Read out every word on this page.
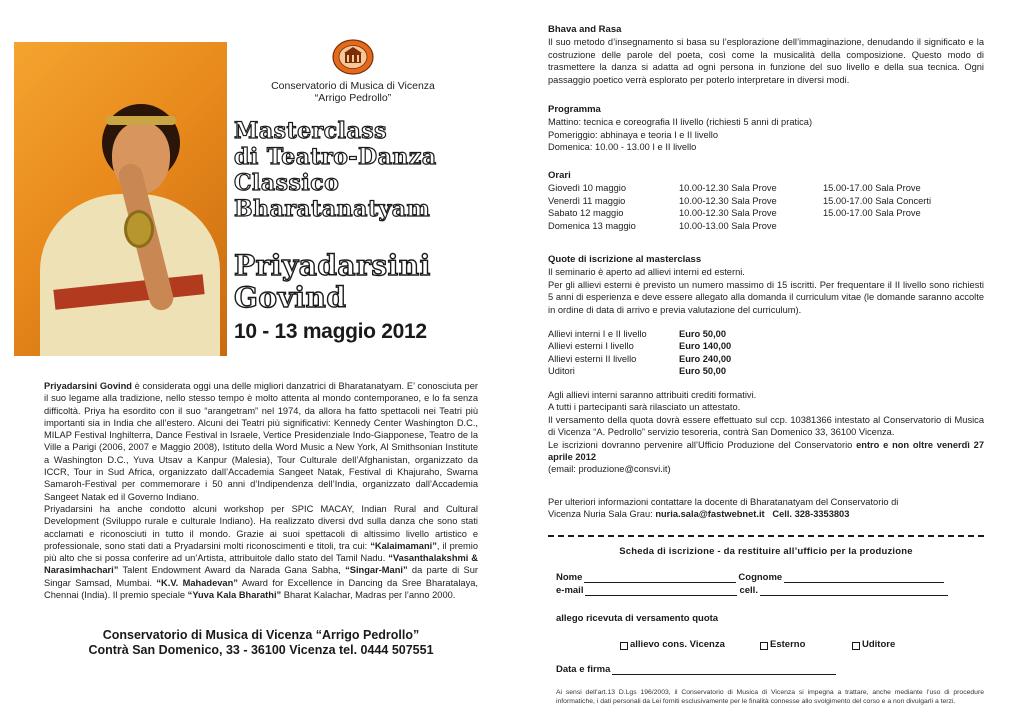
Conservatorio di Musica di Vicenza
“Arrigo Pedrollo”
Masterclass
di Teatro-Danza
Classico
Bharatanatyam
Priyadarsini
Govind
10 - 13 maggio 2012

Priyadarsini Govind è considerata oggi una delle migliori danzatrici di Bharatanatyam. E’ conosciuta per il suo legame alla tradizione, nello stesso tempo è molto attenta al mondo contemporaneo, e lo fa senza difficoltà. Priya ha esordito con il suo “arangetram” nel 1974, da allora ha fatto spettacoli nei Teatri più importanti sia in India che all’estero. Alcuni dei Teatri più significativi: Kennedy Center Washington D.C., MILAP Festival Inghilterra, Dance Festival in Israele, Vertice Presidenziale Indo-Giapponese, Teatro de la Ville a Parigi (2006, 2007 e Maggio 2008), Istituto della Word Music a New York, Al Smithsonian Institute a Washington D.C., Yuva Utsav a Kanpur (Malesia), Tour Culturale dell’Afghanistan, organizzato da ICCR, Tour in Sud Africa, organizzato dall’Accademia Sangeet Natak, Festival di Khajuraho, Swarna Samaroh-Festival per commemorare i 50 anni d’Indipendenza dell’India, organizzato dall’Accademia Sangeet Natak ed il Governo Indiano.

Priyadarsini ha anche condotto alcuni workshop per SPIC MACAY, Indian Rural and Cultural Development (Sviluppo rurale e culturale Indiano). Ha realizzato diversi dvd sulla danza che sono stati acclamati e riconosciuti in tutto il mondo. Grazie ai suoi spettacoli di altissimo livello artistico e professionale, sono stati dati a Pryadarsini molti riconoscimenti e titoli, tra cui: “Kalaimamani”, il premio più alto che si possa conferire ad un’Artista, attribuitole dallo stato del Tamil Nadu. “Vasanthalakshmi & Narasimhachari” Talent Endowment Award da Narada Gana Sabha, “Singar-Mani” da parte di Sur Singar Samsad, Mumbai. “K.V. Mahadevan” Award for Excellence in Dancing da Sree Bharatalaya, Chennai (India). Il premio speciale “Yuva Kala Bharathi” Bharat Kalachar, Madras per l’anno 2000.

Conservatorio di Musica di Vicenza “Arrigo Pedrollo”
Contrà San Domenico, 33 - 36100 Vicenza tel. 0444 507551
Bhava and Rasa

Il suo metodo d’insegnamento si basa su l’esplorazione dell’immaginazione, denudando il significato e la costruzione delle parole del poeta, così come la musicalità della composizione. Questo modo di trasmettere la danza si adatta ad ogni persona in funzione del suo livello e della sua tecnica. Ogni passaggio poetico verrà esplorato per poterlo interpretare in diversi modi.

Programma
Mattino: tecnica e coreografia II livello (richiesti 5 anni di pratica)
Pomeriggio: abhinaya e teoria I e II livello
Domenica: 10.00 - 13.00 I e II livello
Orari
Giovedì 10 maggio	10.00-12.30 Sala Prove	15.00-17.00 Sala Prove
Venerdì 11 maggio	10.00-12.30 Sala Prove	15.00-17.00 Sala Concerti
Sabato 12 maggio	10.00-12.30 Sala Prove	15.00-17.00 Sala Prove
Domenica 13 maggio	10.00-13.00 Sala Prove
Quote di iscrizione al masterclass

Il seminario è aperto ad allievi interni ed esterni.

Per gli allievi esterni è previsto un numero massimo di 15 iscritti. Per frequentare il II livello sono richiesti 5 anni di esperienza e deve essere allegato alla domanda il curriculum vitae (le domande saranno accolte in ordine di data di arrivo e previa valutazione del curriculum).

Allievi interni I e II livello	Euro 50,00
Allievi esterni I livello	Euro 140,00
Allievi esterni II livello	Euro 240,00
Uditori	Euro 50,00

Agli allievi interni saranno attribuiti crediti formativi.

A tutti i partecipanti sarà rilasciato un attestato.

Il versamento della quota dovrà essere effettuato sul ccp. 10381366 intestato al Conservatorio di Musica di Vicenza “A. Pedrollo” servizio tesoreria, contrà San Domenico 33, 36100 Vicenza.

Le iscrizioni dovranno pervenire all’Ufficio Produzione del Conservatorio entro e non oltre venerdì 27 aprile 2012

(email: produzione@consvi.it)

Per ulteriori informazioni contattare la docente di Bharatanatyam del Conservatorio di

Vicenza Nuria Sala Grau: nuria.sala@fastwebnet.it Cell. 328-3353803

Scheda di iscrizione - da restituire all’ufficio per la produzione
Nome	Cognome
e-mail	cell.
allego ricevuta di versamento quota
allievo cons. Vicenza	Esterno	Uditore
Data e firma
Ai sensi dell’art.13 D.Lgs 196/2003, il Conservatorio di Musica di Vicenza si impegna a trattare, anche mediante l’uso di procedure informatiche, i dati personali da Lei forniti esclusivamente per le finalità connesse allo svolgimento del corso e a non divulgarli a terzi.
